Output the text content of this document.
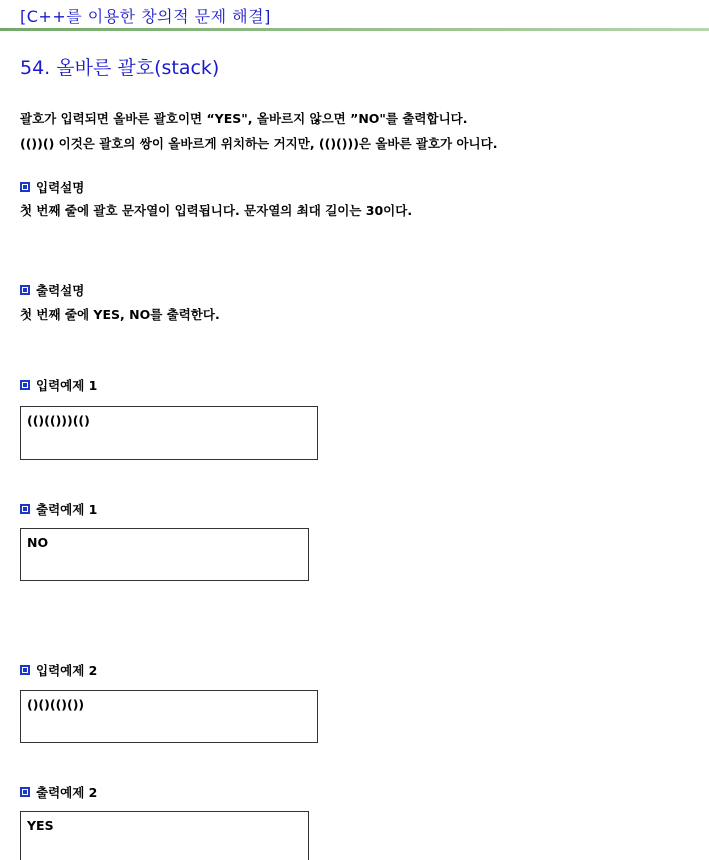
[C++를 이용한 창의적 문제 해결]
54. 올바른 괄호(stack)
괄호가 입력되면 올바른 괄호이면 “YES", 올바르지 않으면 ”NO"를 출력합니다.
(())() 이것은 괄호의 쌍이 올바르게 위치하는 거지만, (()()))은 올바른 괄호가 아니다.
입력설명
첫 번째 줄에 괄호 문자열이 입력됩니다. 문자열의 최대 길이는 30이다.
출력설명
첫 번째 줄에 YES, NO를 출력한다.
입력예제 1
(()(()))(()
출력예제 1
NO
입력예제 2
()()(()())
출력예제 2
YES
